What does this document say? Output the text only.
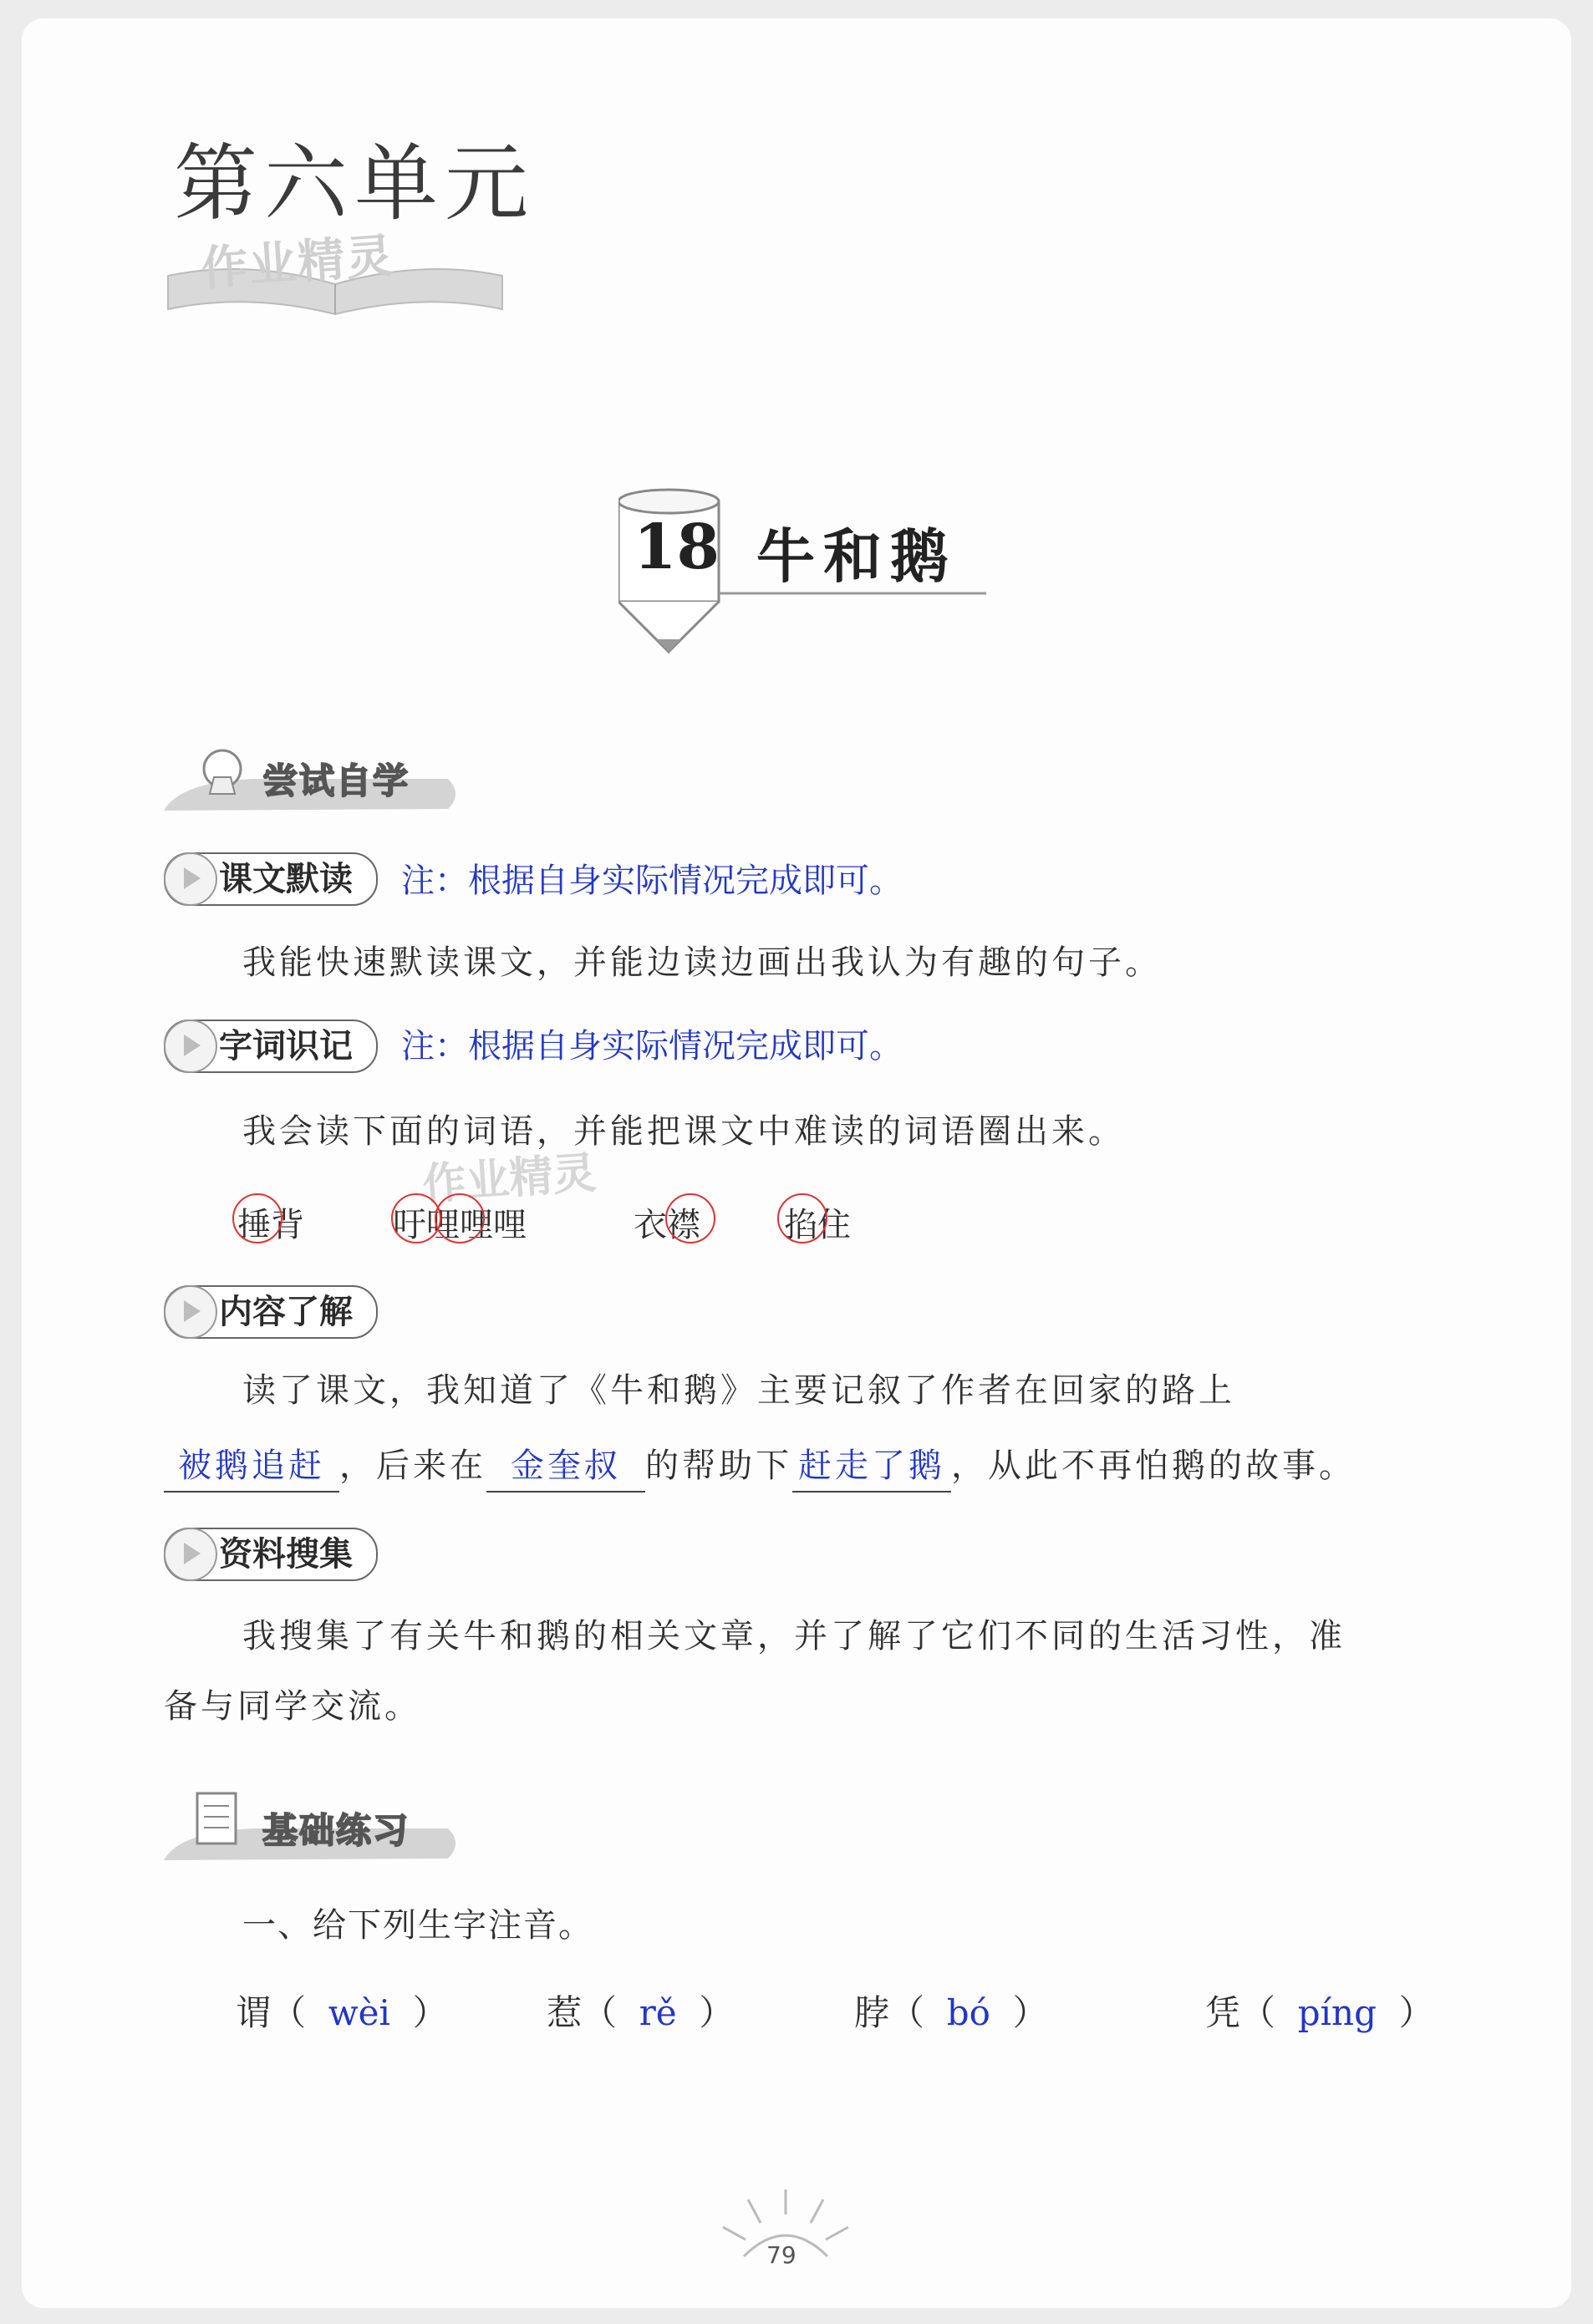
第六单元
作业精灵
18 牛和鹅
尝试自学
课文默读	注：根据自身实际情况完成即可。
我能快速默读课文，并能边读边画出我认为有趣的句子。
字词识记	注：根据自身实际情况完成即可。
我会读下面的词语，并能把课文中难读的词语圈出来。
作业精灵
捶背	吁哩哩哩	衣襟	掐住
内容了解
读了课文，我知道了《牛和鹅》主要记叙了作者在回家的路上
被鹅追赶 ，后来在 金奎叔 的帮助下 赶走了鹅 ，从此不再怕鹅的故事。
资料搜集
我搜集了有关牛和鹅的相关文章，并了解了它们不同的生活习性，准
备与同学交流。
基础练习
一、给下列生字注音。
谓（  wèi  ）	惹（  rě  ）	脖（  bó  ）	凭（  píng  ）
79
